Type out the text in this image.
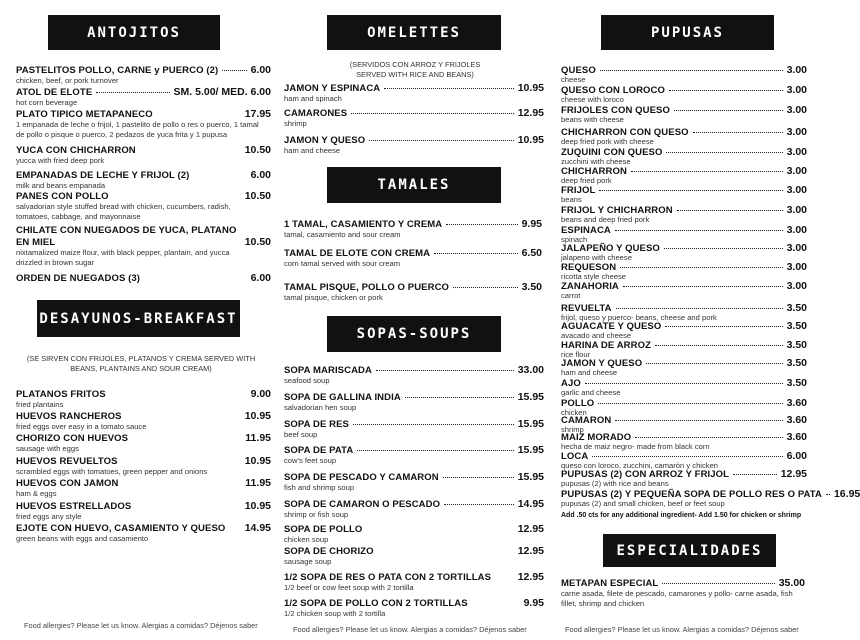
ANTOJITOS
PASTELITOS POLLO, CARNE y PUERCO (2)	6.00
chicken, beef, or pork turnover
ATOL DE ELOTE	SM. 5.00/ MED. 6.00
hot corn beverage
PLATO TIPICO METAPANECO	17.95
1 empanada de leche o frijol, 1 pastelito de pollo o res o puerco, 1 tamal de pollo o pisque o puerco, 2 pedazos de yuca frita y 1 pupusa
YUCA CON CHICHARRON	10.50
yucca with fried deep pork
EMPANADAS DE LECHE Y FRIJOL (2)	6.00
milk and beans empanada
PANES CON POLLO	10.50
salvadorian style stuffed bread with chicken, cucumbers, radish, tomatoes, cabbage, and mayonnaise
CHILATE CON NUEGADOS DE YUCA, PLATANO
EN MIEL	10.50
nixtamalized maize flour, with black pepper, plantain, and yucca drizzled in brown sugar
ORDEN DE NUEGADOS (3)	6.00
DESAYUNOS-BREAKFAST
(SE SIRVEN CON FRIJOLES, PLATANOS Y CREMA SERVED WITH BEANS, PLANTAINS AND SOUR CREAM)
PLATANOS FRITOS	9.00
fried plantains
HUEVOS RANCHEROS	10.95
fried eggs over easy in a tomato sauce
CHORIZO CON HUEVOS	11.95
sausage with eggs
HUEVOS REVUELTOS	10.95
scrambled eggs with tomatoes, green pepper and onions
HUEVOS CON JAMON	11.95
ham & eggs
HUEVOS ESTRELLADOS	10.95
fried eggs any style
EJOTE CON HUEVO, CASAMIENTO Y QUESO 14.95
green beans with eggs and casamiento
Food allergies? Please let us know. Alergias a comidas? Déjenos saber
OMELETTES
(SERVIDOS CON ARROZ Y FRIJOLES SERVED WITH RICE AND BEANS)
JAMON Y ESPINACA	10.95
ham and spinach
CAMARONES	12.95
shrimp
JAMON Y QUESO	10.95
ham and cheese
TAMALES
1 TAMAL, CASAMIENTO Y CREMA	9.95
tamal, casamiento and sour cream
TAMAL DE ELOTE CON CREMA	6.50
corn tamal served with sour cream
TAMAL PISQUE, POLLO O PUERCO	3.50
tamal pisque, chicken or pork
SOPAS-SOUPS
SOPA MARISCADA	33.00
seafood soup
SOPA DE GALLINA INDIA	15.95
salvadorian hen soup
SOPA DE RES	15.95
beef soup
SOPA DE PATA	15.95
cow's feet soup
SOPA DE PESCADO Y CAMARON	15.95
fish and shrimp soup
SOPA DE CAMARON O PESCADO	14.95
shrimp or fish soup
SOPA DE POLLO	12.95
chicken soup
SOPA DE CHORIZO	12.95
sausage soup
1/2 SOPA DE RES O PATA CON 2 TORTILLAS	12.95
1/2 beef or cow feet soup with 2 tortilla
1/2 SOPA DE POLLO CON 2 TORTILLAS	9.95
1/2 chicken soup with 2 tortilla
Food allergies? Please let us know. Alergias a comidas? Déjenos saber
PUPUSAS
QUESO	3.00
cheese
QUESO CON LOROCO	3.00
cheese with loroco
FRIJOLES CON QUESO	3.00
beans with cheese
CHICHARRON CON QUESO	3.00
deep fried pork with cheese
ZUQUINI CON QUESO	3.00
zucchini with cheese
CHICHARRON	3.00
deep fried pork
FRIJOL	3.00
beans
FRIJOL Y CHICHARRON	3.00
beans and deep fried pork
ESPINACA	3.00
spinach
JALAPEÑO Y QUESO	3.00
jalapeno with cheese
REQUESON	3.00
ricotta style cheese
ZANAHORIA	3.00
carrot
REVUELTA	3.50
frijol, queso y puerco- beans, cheese and pork
AGUACATE Y QUESO	3.50
avacado and cheese
HARINA DE ARROZ	3.50
rice flour
JAMON Y QUESO	3.50
ham and cheese
AJO	3.50
garlic and cheese
POLLO	3.60
chicken
CAMARON	3.60
shrimp
MAIZ MORADO	3.60
hecha de maiz negro- made from black corn
LOCA	6.00
queso con loroco, zucchini, camarón y chicken
PUPUSAS (2) CON ARROZ Y FRIJOL	12.95
pupusas (2) with rice and beans
PUPUSAS (2) Y PEQUEÑA SOPA DE POLLO RES O PATA 16.95
pupusas (2) and small chicken, beef or feet soup
Add .50 cts for any additional ingredient- Add 1.50 for chicken or shrimp
ESPECIALIDADES
METAPAN ESPECIAL	35.00
carne asada, filete de pescado, camarones y pollo- carne asada, fish fillet, shrimp and chicken
Food allergies? Please let us know. Alergias a comidas? Déjenos saber
